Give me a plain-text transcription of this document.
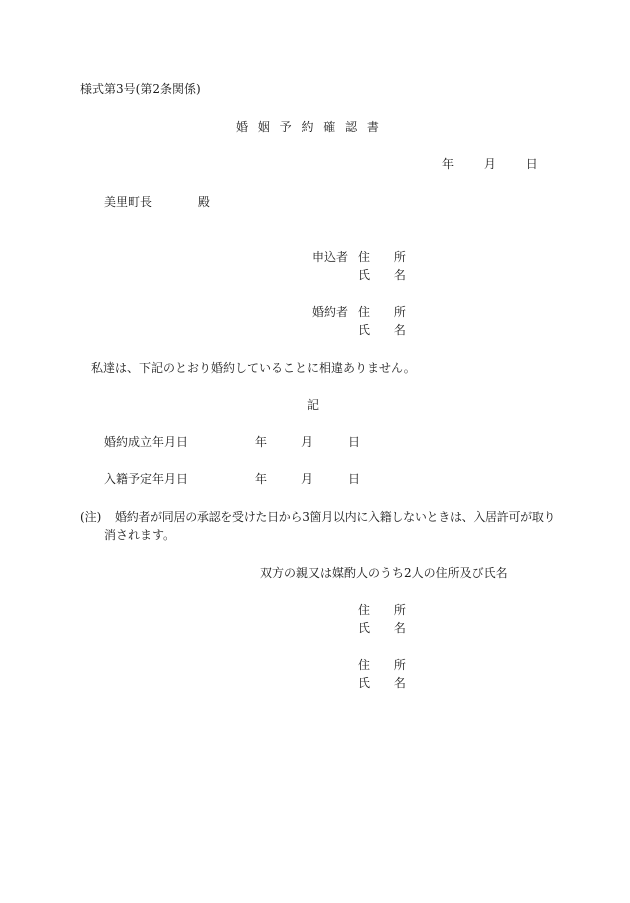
様式第3号(第2条関係)
婚 姻 予 約 確 認 書
年 月 日
美里町長	殿
申込者 住 所
氏 名
婚約者 住 所
氏 名
私達は、下記のとおり婚約していることに相違ありません。
記
婚約成立年月日	年	月	日
入籍予定年月日	年	月	日
(注) 婚約者が同居の承認を受けた日から3箇月以内に入籍しないときは、入居許可が取り
消されます。
双方の親又は媒酌人のうち2人の住所及び氏名
住 所
氏 名
住 所
氏 名
